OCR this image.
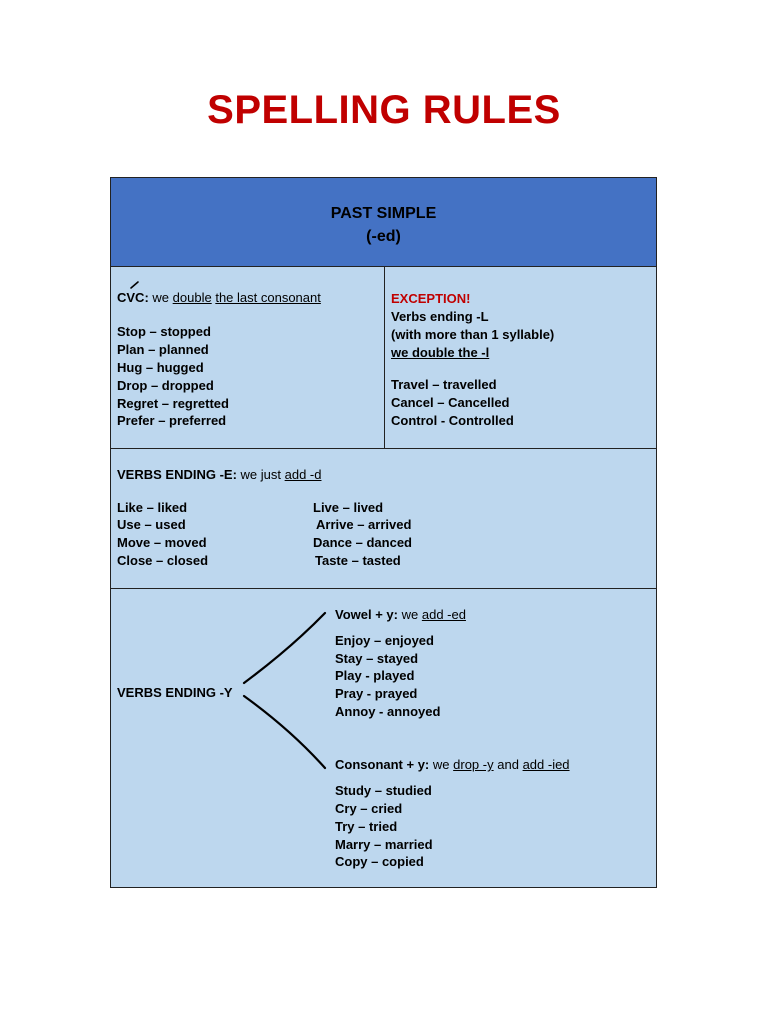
SPELLING RULES
PAST SIMPLE
(-ed)
CVC: we double the last consonant
Stop – stopped
Plan – planned
Hug – hugged
Drop – dropped
Regret – regretted
Prefer – preferred
EXCEPTION!
Verbs ending -L
(with more than 1 syllable)
we double the -l
Travel – travelled
Cancel – Cancelled
Control - Controlled
VERBS ENDING -E: we just add -d
Like – liked
Use – used
Move – moved
Close – closed
Live – lived
Arrive – arrived
Dance – danced
Taste – tasted
VERBS ENDING -Y
Vowel + y: we add -ed
Enjoy – enjoyed
Stay – stayed
Play - played
Pray - prayed
Annoy - annoyed
Consonant + y: we drop -y and add -ied
Study – studied
Cry – cried
Try – tried
Marry – married
Copy – copied
